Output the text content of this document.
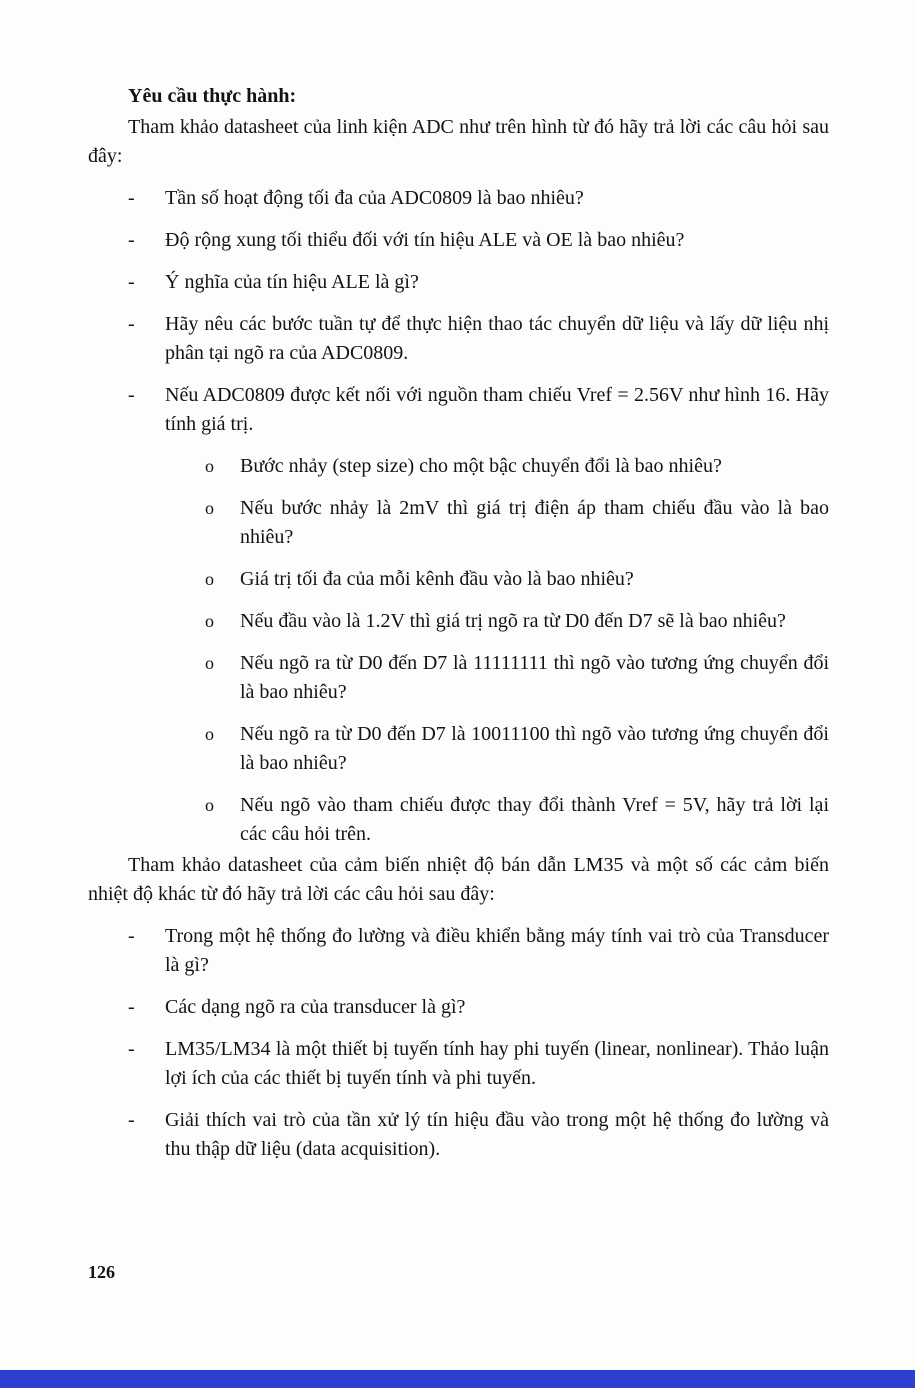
Yêu cầu thực hành:

Tham khảo datasheet của linh kiện ADC như trên hình từ đó hãy trả lời các câu hỏi sau đây:

- Tần số hoạt động tối đa của ADC0809 là bao nhiêu?
- Độ rộng xung tối thiểu đối với tín hiệu ALE và OE là bao nhiêu?
- Ý nghĩa của tín hiệu ALE là gì?
- Hãy nêu các bước tuần tự để thực hiện thao tác chuyển dữ liệu và lấy dữ liệu nhị phân tại ngõ ra của ADC0809.
- Nếu ADC0809 được kết nối với nguồn tham chiếu Vref = 2.56V như hình 16. Hãy tính giá trị.
o Bước nhảy (step size) cho một bậc chuyển đổi là bao nhiêu?
o Nếu bước nhảy là 2mV thì giá trị điện áp tham chiếu đầu vào là bao nhiêu?
o Giá trị tối đa của mỗi kênh đầu vào là bao nhiêu?
o Nếu đầu vào là 1.2V thì giá trị ngõ ra từ D0 đến D7 sẽ là bao nhiêu?
o Nếu ngõ ra từ D0 đến D7 là 11111111 thì ngõ vào tương ứng chuyển đổi là bao nhiêu?
o Nếu ngõ ra từ D0 đến D7 là 10011100 thì ngõ vào tương ứng chuyển đổi là bao nhiêu?
o Nếu ngõ vào tham chiếu được thay đổi thành Vref = 5V, hãy trả lời lại các câu hỏi trên.

Tham khảo datasheet của cảm biến nhiệt độ bán dẫn LM35 và một số các cảm biến nhiệt độ khác từ đó hãy trả lời các câu hỏi sau đây:

- Trong một hệ thống đo lường và điều khiển bằng máy tính vai trò của Transducer là gì?
- Các dạng ngõ ra của transducer là gì?
- LM35/LM34 là một thiết bị tuyến tính hay phi tuyến (linear, nonlinear). Thảo luận lợi ích của các thiết bị tuyến tính và phi tuyến.
- Giải thích vai trò của tần xử lý tín hiệu đầu vào trong một hệ thống đo lường và thu thập dữ liệu (data acquisition).
126
